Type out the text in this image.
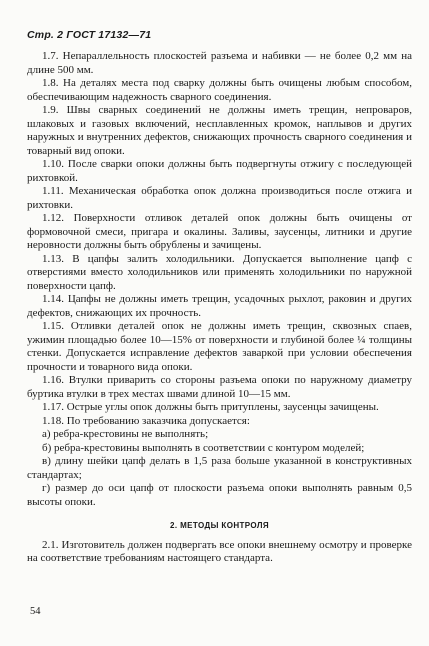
Стр. 2 ГОСТ 17132—71

1.7. Непараллельность плоскостей разъема и набивки — не более 0,2 мм на длине 500 мм.

1.8. На деталях места под сварку должны быть очищены любым способом, обеспечивающим надежность сварного соединения.

1.9. Швы сварных соединений не должны иметь трещин, непроваров, шлаковых и газовых включений, несплавленных кромок, наплывов и других наружных и внутренних дефектов, снижающих прочность сварного соединения и товарный вид опоки.

1.10. После сварки опоки должны быть подвергнуты отжигу с последующей рихтовкой.

1.11. Механическая обработка опок должна производиться после отжига и рихтовки.

1.12. Поверхности отливок деталей опок должны быть очищены от формовочной смеси, пригара и окалины. Заливы, заусенцы, литники и другие неровности должны быть обрублены и зачищены.

1.13. В цапфы залить холодильники. Допускается выполнение цапф с отверстиями вместо холодильников или применять холодильники по наружной поверхности цапф.

1.14. Цапфы не должны иметь трещин, усадочных рыхлот, раковин и других дефектов, снижающих их прочность.

1.15. Отливки деталей опок не должны иметь трещин, сквозных спаев, ужимин площадью более 10—15% от поверхности и глубиной более ¼ толщины стенки. Допускается исправление дефектов заваркой при условии обеспечения прочности и товарного вида опоки.

1.16. Втулки приварить со стороны разъема опоки по наружному диаметру буртика втулки в трех местах швами длиной 10—15 мм.

1.17. Острые углы опок должны быть притуплены, заусенцы зачищены.

1.18. По требованию заказчика допускается:

а) ребра-крестовины не выполнять;

б) ребра-крестовины выполнять в соответствии с контуром моделей;

в) длину шейки цапф делать в 1,5 раза больше указанной в конструктивных стандартах;

г) размер до оси цапф от плоскости разъема опоки выполнять равным 0,5 высоты опоки.

2. МЕТОДЫ КОНТРОЛЯ

2.1. Изготовитель должен подвергать все опоки внешнему осмотру и проверке на соответствие требованиям настоящего стандарта.

54
